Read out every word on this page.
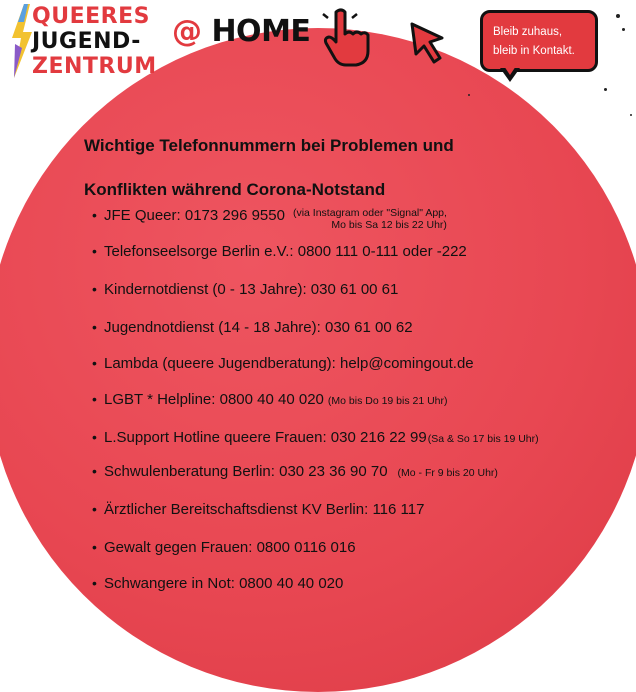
QUEERES
JUGEND-
ZENTRUM
@ HOME	Bleib zuhaus,
bleib in Kontakt.
Wichtige Telefonnummern bei Problemen und
Konflikten während Corona-Notstand
• JFE Queer: 0173 296 9550 (via Instagram oder "Signal" App,
Mo bis Sa 12 bis 22 Uhr)
• Telefonseelsorge Berlin e.V.: 0800 111 0-111 oder -222
• Kindernotdienst (0 - 13 Jahre): 030 61 00 61
• Jugendnotdienst (14 - 18 Jahre): 030 61 00 62
• Lambda (queere Jugendberatung): help@comingout.de
• LGBT * Helpline: 0800 40 40 020 (Mo bis Do 19 bis 21 Uhr)
• L.Support Hotline queere Frauen: 030 216 22 99(Sa & So 17 bis 19 Uhr)
• Schwulenberatung Berlin: 030 23 36 90 70 (Mo - Fr 9 bis 20 Uhr)
• Ärztlicher Bereitschaftsdienst KV Berlin: 116 117
• Gewalt gegen Frauen: 0800 0116 016
• Schwangere in Not: 0800 40 40 020
